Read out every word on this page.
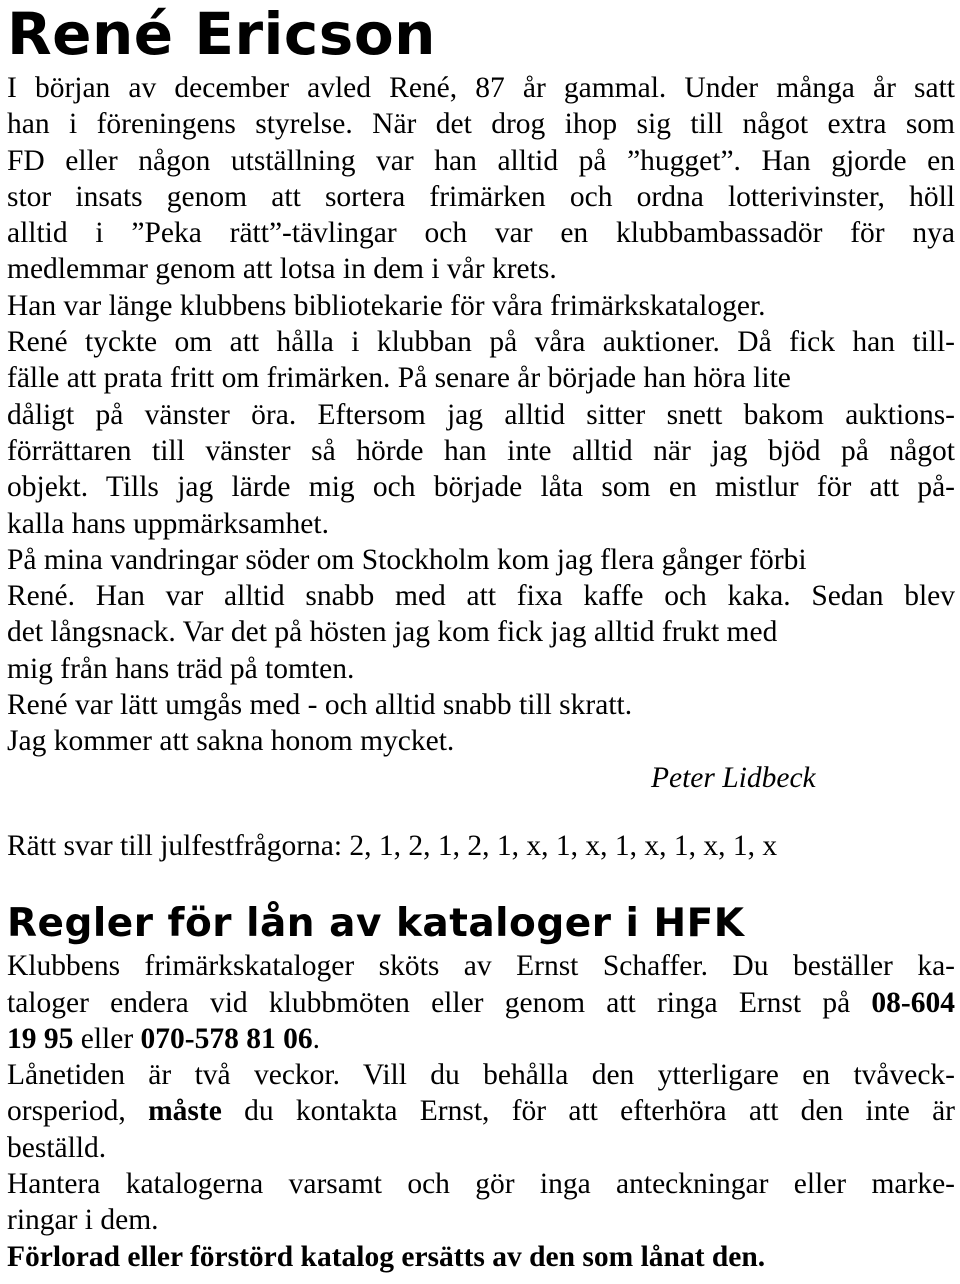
René Ericson
I början av december avled René, 87 år gammal. Under många år satt
han i föreningens styrelse. När det drog ihop sig till något extra som
FD eller någon utställning var han alltid på ”hugget”. Han gjorde en
stor insats genom att sortera frimärken och ordna lotterivinster, höll
alltid i ”Peka rätt”-tävlingar och var en klubbambassadör för nya
medlemmar genom att lotsa in dem i vår krets.
Han var länge klubbens bibliotekarie för våra frimärkskataloger.
René tyckte om att hålla i klubban på våra auktioner. Då fick han till-
fälle att prata fritt om frimärken. På senare år började han höra lite
dåligt på vänster öra. Eftersom jag alltid sitter snett bakom auktions-
förrättaren till vänster så hörde han inte alltid när jag bjöd på något
objekt. Tills jag lärde mig och började låta som en mistlur för att på-
kalla hans uppmärksamhet.
På mina vandringar söder om Stockholm kom jag flera gånger förbi
René. Han var alltid snabb med att fixa kaffe och kaka. Sedan blev
det långsnack. Var det på hösten jag kom fick jag alltid frukt med
mig från hans träd på tomten.
René var lätt umgås med - och alltid snabb till skratt.
Jag kommer att sakna honom mycket.
Peter Lidbeck
Rätt svar till julfestfrågorna: 2, 1, 2, 1, 2, 1, x, 1, x, 1, x, 1, x, 1, x
Regler för lån av kataloger i HFK
Klubbens frimärkskataloger sköts av Ernst Schaffer. Du beställer ka-
taloger endera vid klubbmöten eller genom att ringa Ernst på 08-604
19 95 eller 070-578 81 06.
Lånetiden är två veckor. Vill du behålla den ytterligare en tvåveck-
orsperiod, måste du kontakta Ernst, för att efterhöra att den inte är
beställd.
Hantera katalogerna varsamt och gör inga anteckningar eller marke-
ringar i dem.
Förlorad eller förstörd katalog ersätts av den som lånat den.
